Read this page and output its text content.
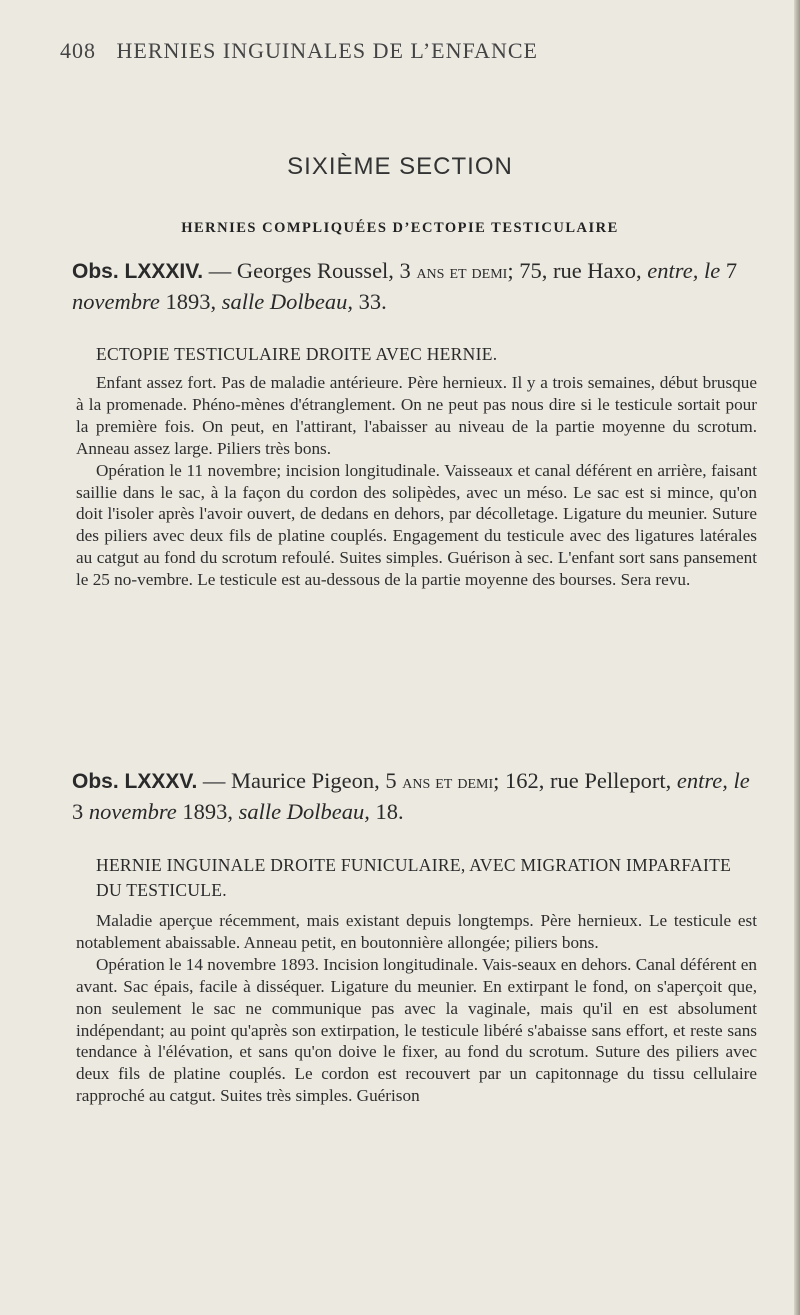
408 HERNIES INGUINALES DE L’ENFANCE
SIXIÈME SECTION
HERNIES COMPLIQUÉES D’ECTOPIE TESTICULAIRE
Obs. LXXXIV. — Georges Roussel, 3 ans et demi; 75, rue Haxo, entre, le 7 novembre 1893, salle Dolbeau, 33.
ECTOPIE TESTICULAIRE DROITE AVEC HERNIE.

Enfant assez fort. Pas de maladie antérieure. Père hernieux. Il y a trois semaines, début brusque à la promenade. Phéno-mènes d'étranglement. On ne peut pas nous dire si le testicule sortait pour la première fois. On peut, en l'attirant, l'abaisser au niveau de la partie moyenne du scrotum. Anneau assez large. Piliers très bons.

Opération le 11 novembre; incision longitudinale. Vaisseaux et canal déférent en arrière, faisant saillie dans le sac, à la façon du cordon des solipèdes, avec un méso. Le sac est si mince, qu'on doit l'isoler après l'avoir ouvert, de dedans en dehors, par décolletage. Ligature du meunier. Suture des piliers avec deux fils de platine couplés. Engagement du testicule avec des ligatures latérales au catgut au fond du scrotum refoulé. Suites simples. Guérison à sec. L'enfant sort sans pansement le 25 no-vembre. Le testicule est au-dessous de la partie moyenne des bourses. Sera revu.

Obs. LXXXV. — Maurice Pigeon, 5 ans et demi; 162, rue Pelleport, entre, le 3 novembre 1893, salle Dolbeau, 18.
HERNIE INGUINALE DROITE FUNICULAIRE, AVEC MIGRATION IMPARFAITE DU TESTICULE.

Maladie aperçue récemment, mais existant depuis longtemps. Père hernieux. Le testicule est notablement abaissable. Anneau petit, en boutonnière allongée; piliers bons.

Opération le 14 novembre 1893. Incision longitudinale. Vais-seaux en dehors. Canal déférent en avant. Sac épais, facile à disséquer. Ligature du meunier. En extirpant le fond, on s'aperçoit que, non seulement le sac ne communique pas avec la vaginale, mais qu'il en est absolument indépendant; au point qu'après son extirpation, le testicule libéré s'abaisse sans effort, et reste sans tendance à l'élévation, et sans qu'on doive le fixer, au fond du scrotum. Suture des piliers avec deux fils de platine couplés. Le cordon est recouvert par un capitonnage du tissu cellulaire rapproché au catgut. Suites très simples. Guérison
